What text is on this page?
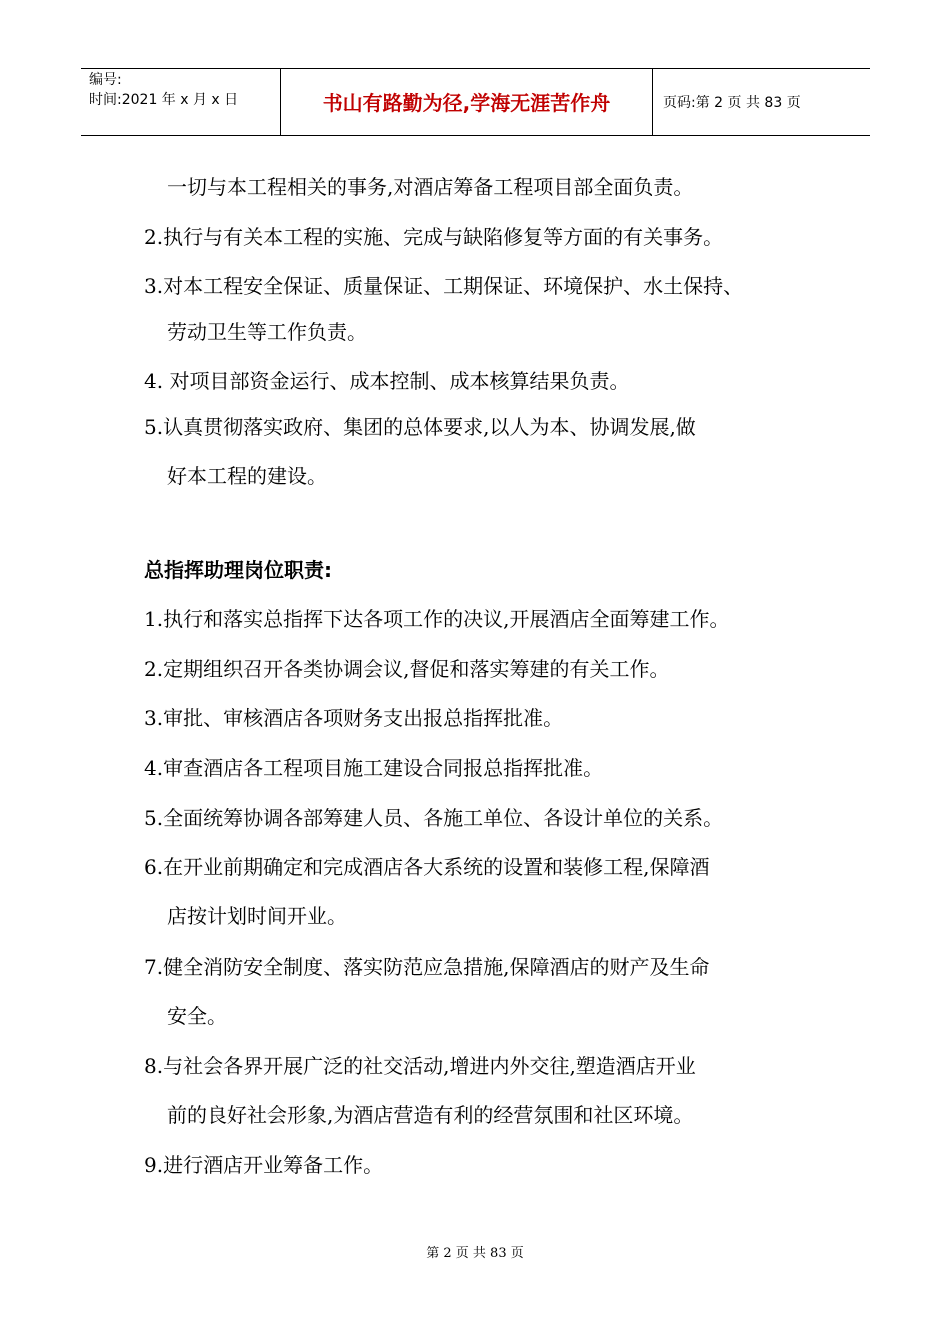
编号:
时间:2021 年 x 月 x 日	书山有路勤为径,学海无涯苦作舟	页码:第 2 页 共 83 页
一切与本工程相关的事务,对酒店筹备工程项目部全面负责。
2.执行与有关本工程的实施、完成与缺陷修复等方面的有关事务。
3.对本工程安全保证、质量保证、工期保证、环境保护、水土保持、
劳动卫生等工作负责。
4. 对项目部资金运行、成本控制、成本核算结果负责。
5.认真贯彻落实政府、集团的总体要求,以人为本、协调发展,做
好本工程的建设。
总指挥助理岗位职责:
1.执行和落实总指挥下达各项工作的决议,开展酒店全面筹建工作。
2.定期组织召开各类协调会议,督促和落实筹建的有关工作。
3.审批、审核酒店各项财务支出报总指挥批准。
4.审查酒店各工程项目施工建设合同报总指挥批准。
5.全面统筹协调各部筹建人员、各施工单位、各设计单位的关系。
6.在开业前期确定和完成酒店各大系统的设置和装修工程,保障酒
店按计划时间开业。
7.健全消防安全制度、落实防范应急措施,保障酒店的财产及生命
安全。
8.与社会各界开展广泛的社交活动,增进内外交往,塑造酒店开业
前的良好社会形象,为酒店营造有利的经营氛围和社区环境。
9.进行酒店开业筹备工作。
第 2 页 共 83 页
